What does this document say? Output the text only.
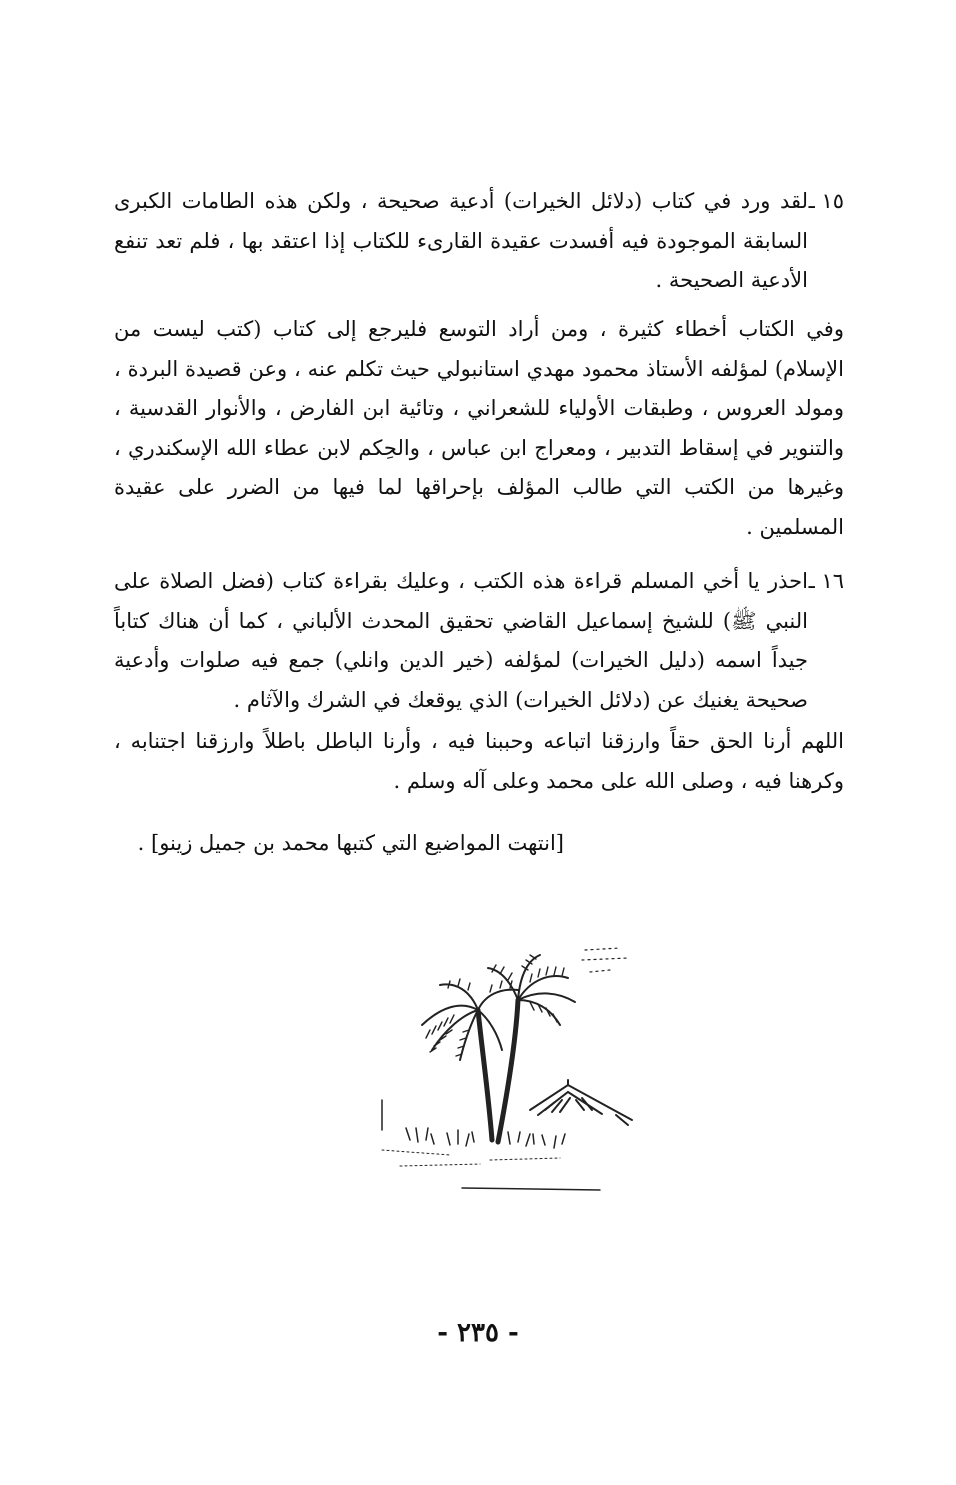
١٥ ـ
لقد ورد في كتاب (دلائل الخيرات) أدعية صحيحة ، ولكن هذه الطامات الكبرى السابقة الموجودة فيه أفسدت عقيدة القارىء للكتاب إذا اعتقد بها ، فلم تعد تنفع الأدعية الصحيحة .
وفي الكتاب أخطاء كثيرة ، ومن أراد التوسع فليرجع إلى كتاب (كتب ليست من الإسلام) لمؤلفه الأستاذ محمود مهدي استانبولي حيث تكلم عنه ، وعن قصيدة البردة ، ومولد العروس ، وطبقات الأولياء للشعراني ، وتائية ابن الفارض ، والأنوار القدسية ، والتنوير في إسقاط التدبير ، ومعراج ابن عباس ، والحِكم لابن عطاء الله الإسكندري ، وغيرها من الكتب التي طالب المؤلف بإحراقها لما فيها من الضرر على عقيدة المسلمين .
١٦ ـ
احذر يا أخي المسلم قراءة هذه الكتب ، وعليك بقراءة كتاب (فضل الصلاة على النبي ﷺ) للشيخ إسماعيل القاضي تحقيق المحدث الألباني ، كما أن هناك كتاباً جيداً اسمه (دليل الخيرات) لمؤلفه (خير الدين وانلي) جمع فيه صلوات وأدعية صحيحة يغنيك عن (دلائل الخيرات) الذي يوقعك في الشرك والآثام .
اللهم أرنا الحق حقاً وارزقنا اتباعه وحببنا فيه ، وأرنا الباطل باطلاً وارزقنا اجتنابه ، وكرهنا فيه ، وصلى الله على محمد وعلى آله وسلم .
[انتهت المواضيع التي كتبها محمد بن جميل زينو] .
- ٢٣٥ -
